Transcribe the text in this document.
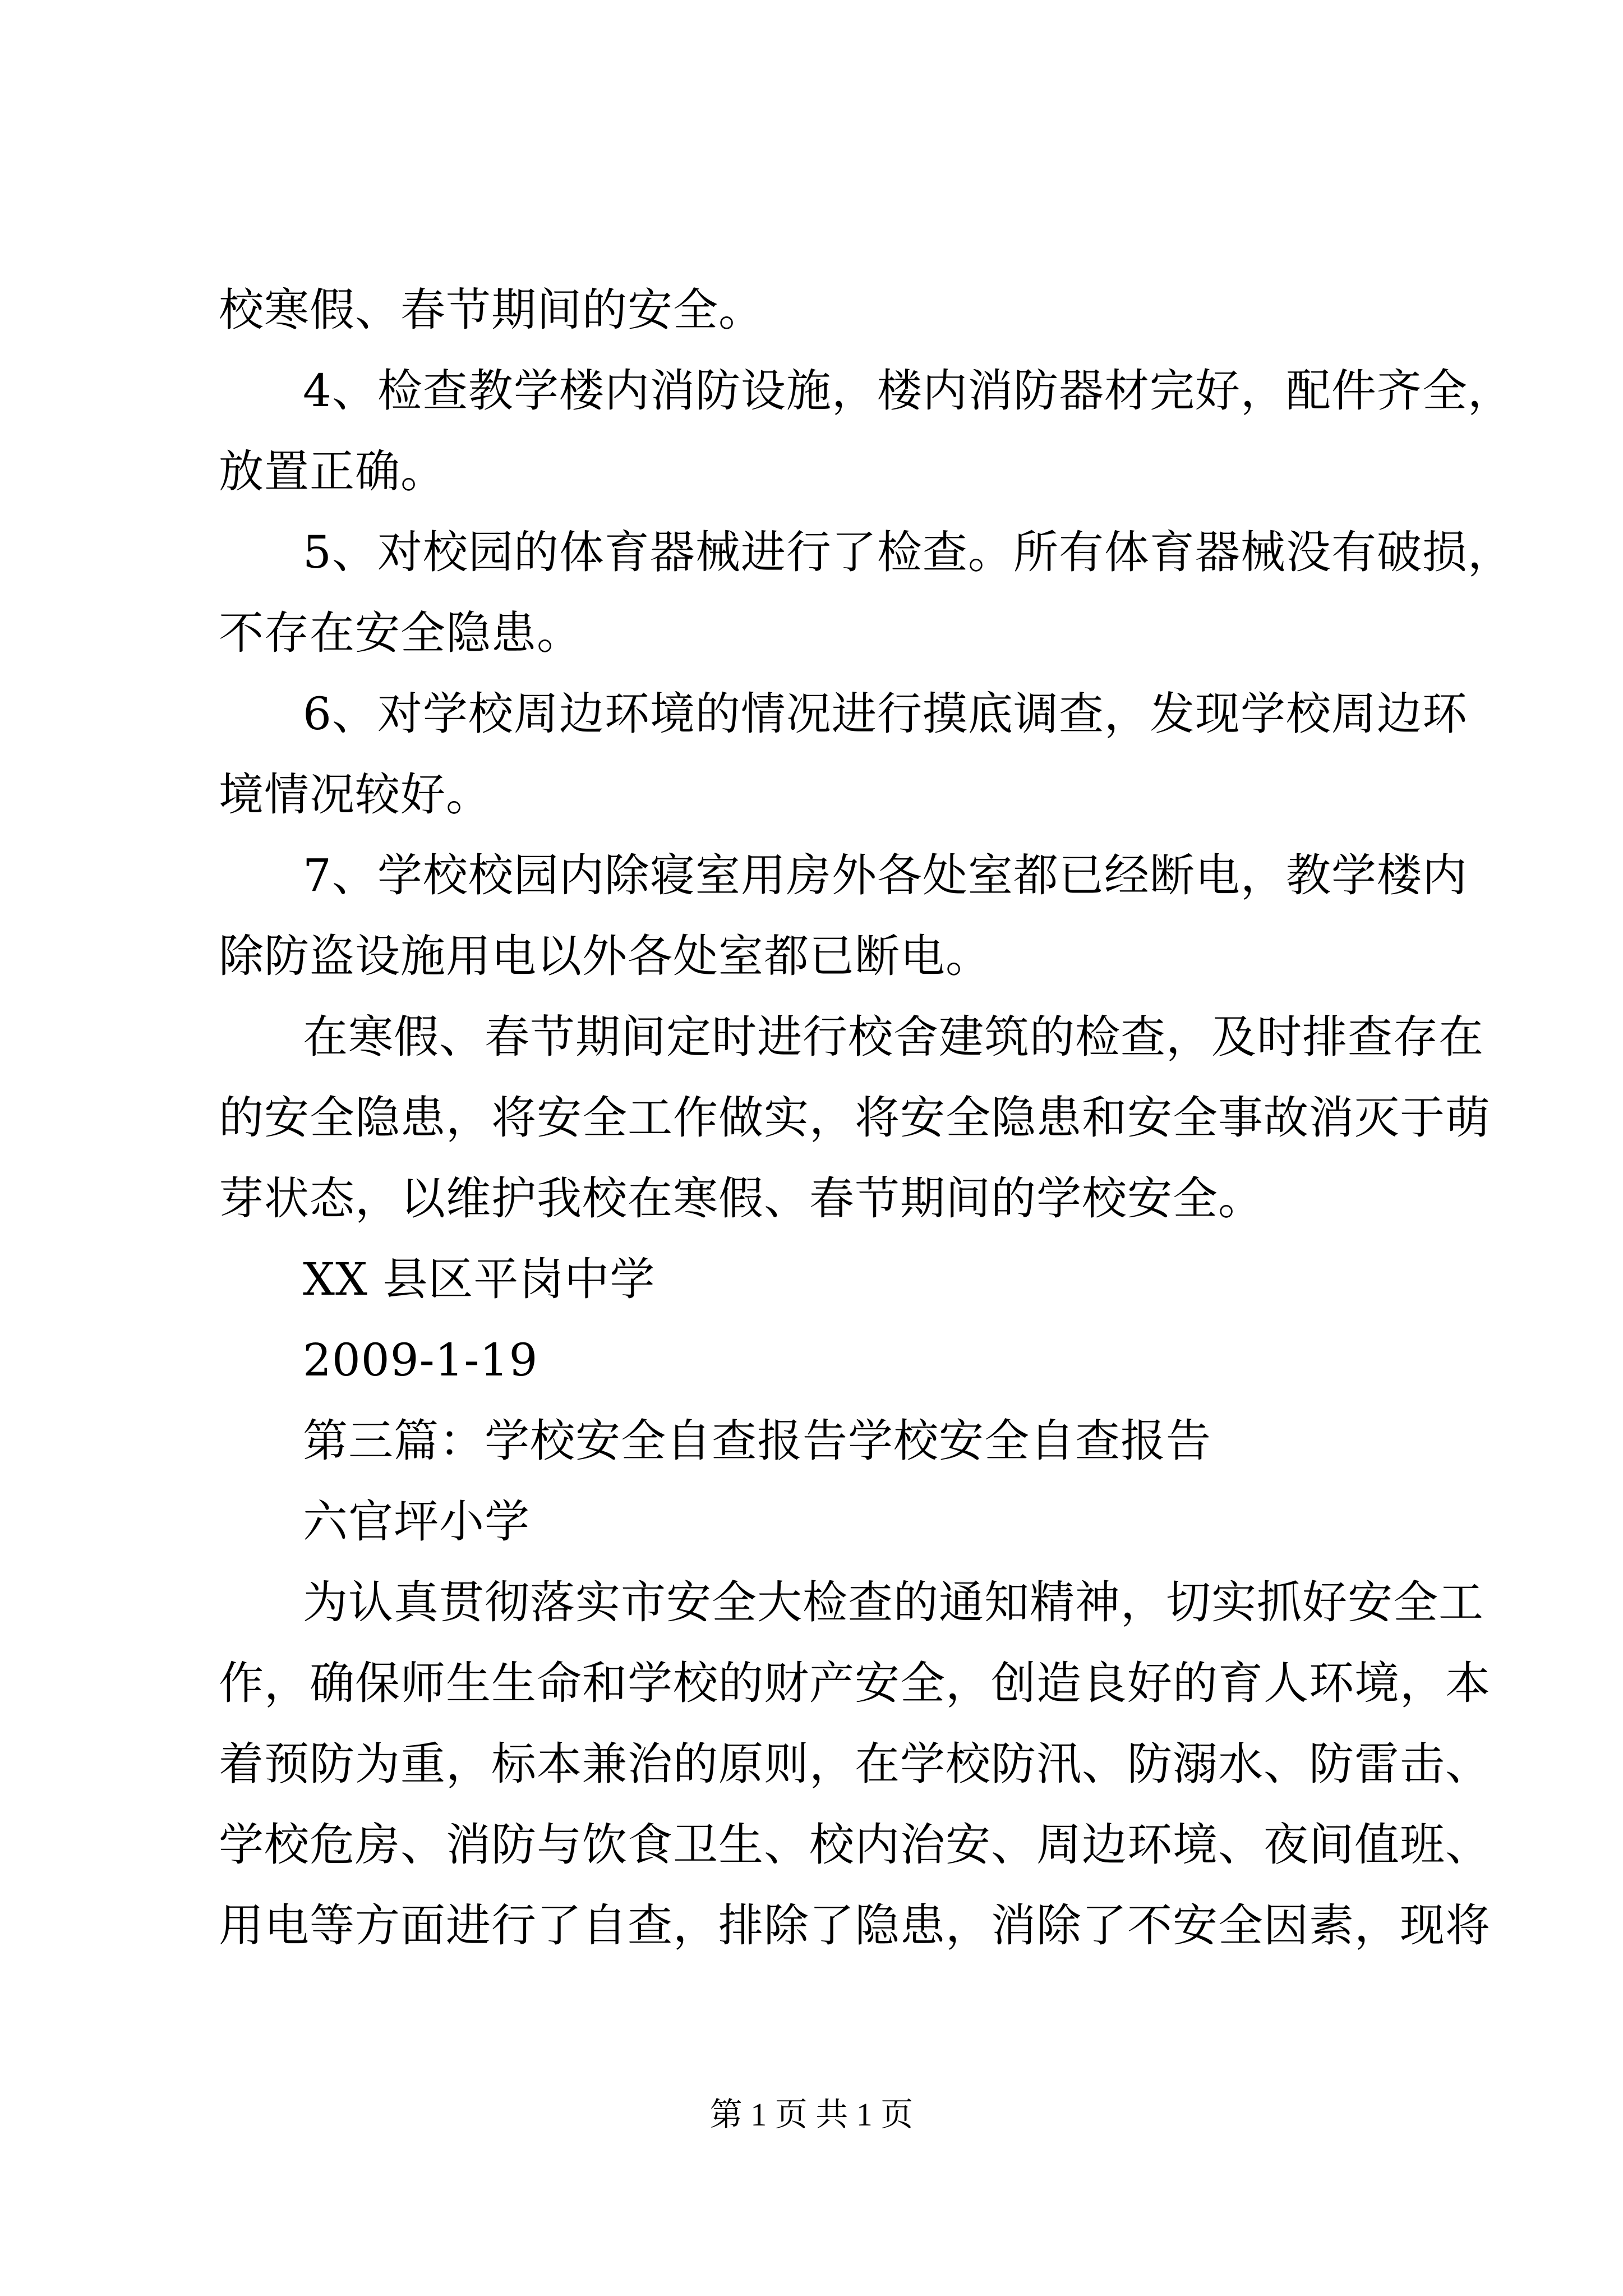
校寒假、春节期间的安全。
4、检查教学楼内消防设施，楼内消防器材完好，配件齐全，
放置正确。
5、对校园的体育器械进行了检查。所有体育器械没有破损，
不存在安全隐患。
6、对学校周边环境的情况进行摸底调查，发现学校周边环
境情况较好。
7、学校校园内除寝室用房外各处室都已经断电，教学楼内
除防盗设施用电以外各处室都已断电。
在寒假、春节期间定时进行校舍建筑的检查，及时排查存在
的安全隐患，将安全工作做实，将安全隐患和安全事故消灭于萌
芽状态，以维护我校在寒假、春节期间的学校安全。
XX 县区平岗中学
2009-1-19
第三篇：学校安全自查报告学校安全自查报告
六官坪小学
为认真贯彻落实市安全大检查的通知精神，切实抓好安全工
作，确保师生生命和学校的财产安全，创造良好的育人环境，本
着预防为重，标本兼治的原则，在学校防汛、防溺水、防雷击、
学校危房、消防与饮食卫生、校内治安、周边环境、夜间值班、
用电等方面进行了自查，排除了隐患，消除了不安全因素，现将
第 1 页 共 1 页
